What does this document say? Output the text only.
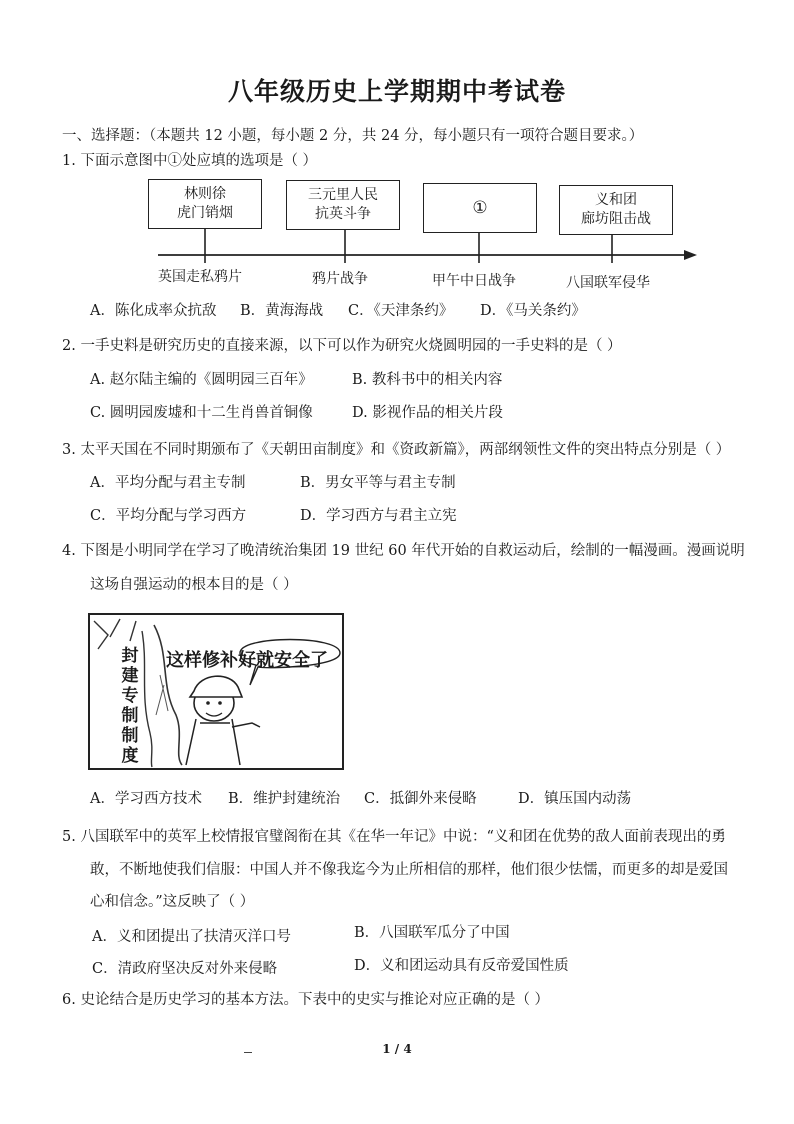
八年级历史上学期期中考试卷
一、选择题：（本题共 12 小题，每小题 2 分，共 24 分，每小题只有一项符合题目要求。）
1. 下面示意图中①处应填的选项是（ ）
林则徐
虎门销烟
三元里人民
抗英斗争	①	义和团
廊坊阻击战
英国走私鸦片	鸦片战争	甲午中日战争	八国联军侵华
A．陈化成率众抗敌 B．黄海海战 C．《天津条约》 D．《马关条约》
2. 一手史料是研究历史的直接来源，以下可以作为研究火烧圆明园的一手史料的是（ ）
A. 赵尔陆主编的《圆明园三百年》	B. 教科书中的相关内容
C. 圆明园废墟和十二生肖兽首铜像	D. 影视作品的相关片段
3. 太平天国在不同时期颁布了《天朝田亩制度》和《资政新篇》，两部纲领性文件的突出特点分别是（ ）
A．平均分配与君主专制	B．男女平等与君主专制
C．平均分配与学习西方	D．学习西方与君主立宪
4. 下图是小明同学在学习了晚清统治集团 19 世纪 60 年代开始的自救运动后，绘制的一幅漫画。漫画说明
这场自强运动的根本目的是（ ）
这样修补好就安全了
封建专制制度
A．学习西方技术 B．维护封建统治 C．抵御外来侵略	D．镇压国内动荡
5. 八国联军中的英军上校情报官璧阁衔在其《在华一年记》中说：“义和团在优势的敌人面前表现出的勇
敢，不断地使我们信服：中国人并不像我迄今为止所相信的那样，他们很少怯懦，而更多的却是爱国
心和信念。”这反映了（ ）
A．义和团提出了扶清灭洋口号	B．八国联军瓜分了中国
C．清政府坚决反对外来侵略	D．义和团运动具有反帝爱国性质
6. 史论结合是历史学习的基本方法。下表中的史实与推论对应正确的是（ ）
1 / 4
